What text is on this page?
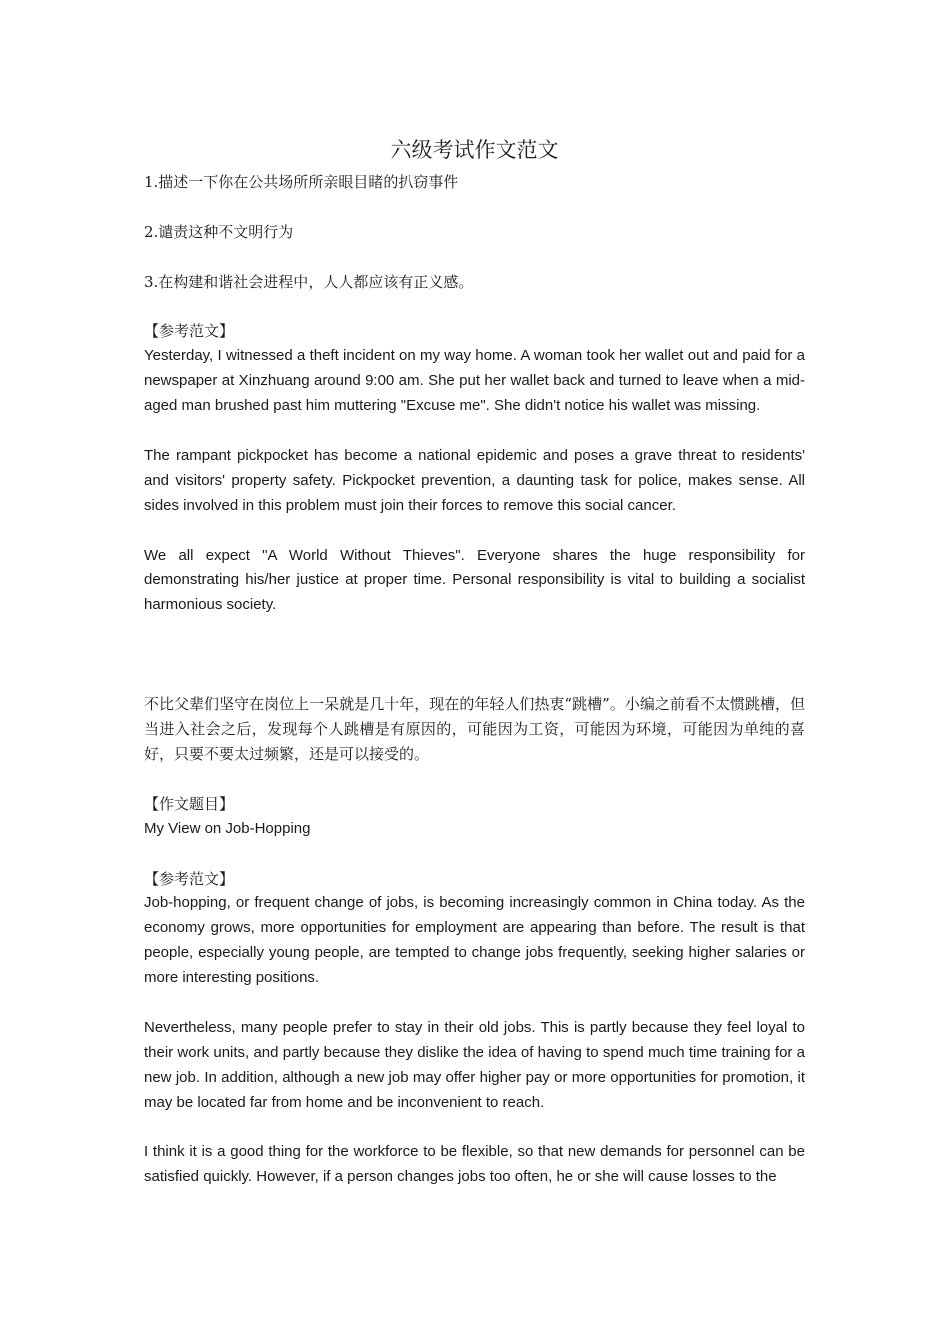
六级考试作文范文

1.描述一下你在公共场所所亲眼目睹的扒窃事件

2.谴责这种不文明行为

3.在构建和谐社会进程中，人人都应该有正义感。

【参考范文】

Yesterday, I witnessed a theft incident on my way home. A woman took her wallet out and paid for a newspaper at Xinzhuang around 9:00 am. She put her wallet back and turned to leave when a mid-aged man brushed past him muttering "Excuse me". She didn't notice his wallet was missing.

The rampant pickpocket has become a national epidemic and poses a grave threat to residents' and visitors' property safety. Pickpocket prevention, a daunting task for police, makes sense. All sides involved in this problem must join their forces to remove this social cancer.

We all expect "A World Without Thieves". Everyone shares the huge responsibility for demonstrating his/her justice at proper time. Personal responsibility is vital to building a socialist harmonious society.

不比父辈们坚守在岗位上一呆就是几十年，现在的年轻人们热衷“跳槽”。小编之前看不太惯跳槽，但当进入社会之后，发现每个人跳槽是有原因的，可能因为工资，可能因为环境，可能因为单纯的喜好，只要不要太过频繁，还是可以接受的。

【作文题目】

My View on Job-Hopping

【参考范文】

Job-hopping, or frequent change of jobs, is becoming increasingly common in China today. As the economy grows, more opportunities for employment are appearing than before. The result is that people, especially young people, are tempted to change jobs frequently, seeking higher salaries or more interesting positions.

Nevertheless, many people prefer to stay in their old jobs. This is partly because they feel loyal to their work units, and partly because they dislike the idea of having to spend much time training for a new job. In addition, although a new job may offer higher pay or more opportunities for promotion, it may be located far from home and be inconvenient to reach.

I think it is a good thing for the workforce to be flexible, so that new demands for personnel can be satisfied quickly. However, if a person changes jobs too often, he or she will cause losses to the
